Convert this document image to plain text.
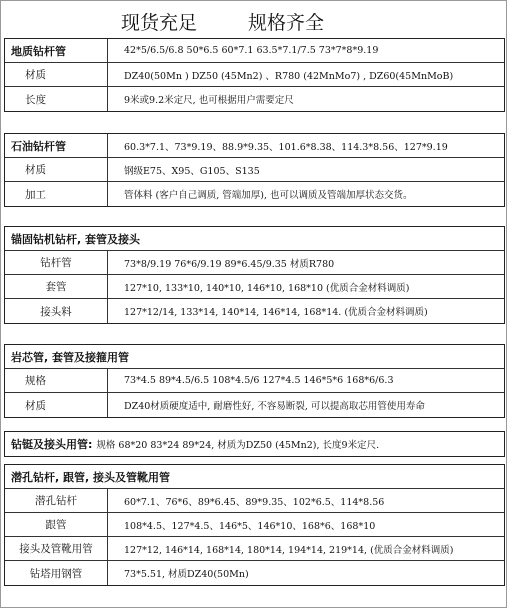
现货充足	规格齐全
地质钻杆管	42*5/6.5/6.8 50*6.5 60*7.1 63.5*7.1/7.5 73*7*8*9.19
材质	DZ40(50Mn ) DZ50 (45Mn2) 、R780 (42MnMo7) , DZ60(45MnMoB)
长度	9米或9.2米定尺, 也可根据用户需要定尺
石油钻杆管	60.3*7.1、73*9.19、88.9*9.35、101.6*8.38、114.3*8.56、127*9.19
材质	钢级E75、X95、G105、S135
加工	管体料 (客户自己调质, 管端加厚), 也可以调质及管端加厚状态交货。
锚固钻机钻杆, 套管及接头
钻杆管	73*8/9.19 76*6/9.19 89*6.45/9.35 材质R780
套管	127*10, 133*10, 140*10, 146*10, 168*10 (优质合金材料调质)
接头料	127*12/14, 133*14, 140*14, 146*14, 168*14. (优质合金材料调质)
岩芯管, 套管及接箍用管
规格	73*4.5 89*4.5/6.5 108*4.5/6 127*4.5 146*5*6 168*6/6.3
材质	DZ40材质硬度适中, 耐磨性好, 不容易断裂, 可以提高取芯用管使用寿命
钻铤及接头用管: 规格 68*20 83*24 89*24, 材质为DZ50 (45Mn2), 长度9米定尺.
潜孔钻杆, 跟管, 接头及管靴用管
潜孔钻杆	60*7.1、76*6、89*6.45、89*9.35、102*6.5、114*8.56
跟管	108*4.5、127*4.5、146*5、146*10、168*6、168*10
接头及管靴用管	127*12, 146*14, 168*14, 180*14, 194*14, 219*14, (优质合金材料调质)
钻塔用钢管	73*5.51, 材质DZ40(50Mn)
